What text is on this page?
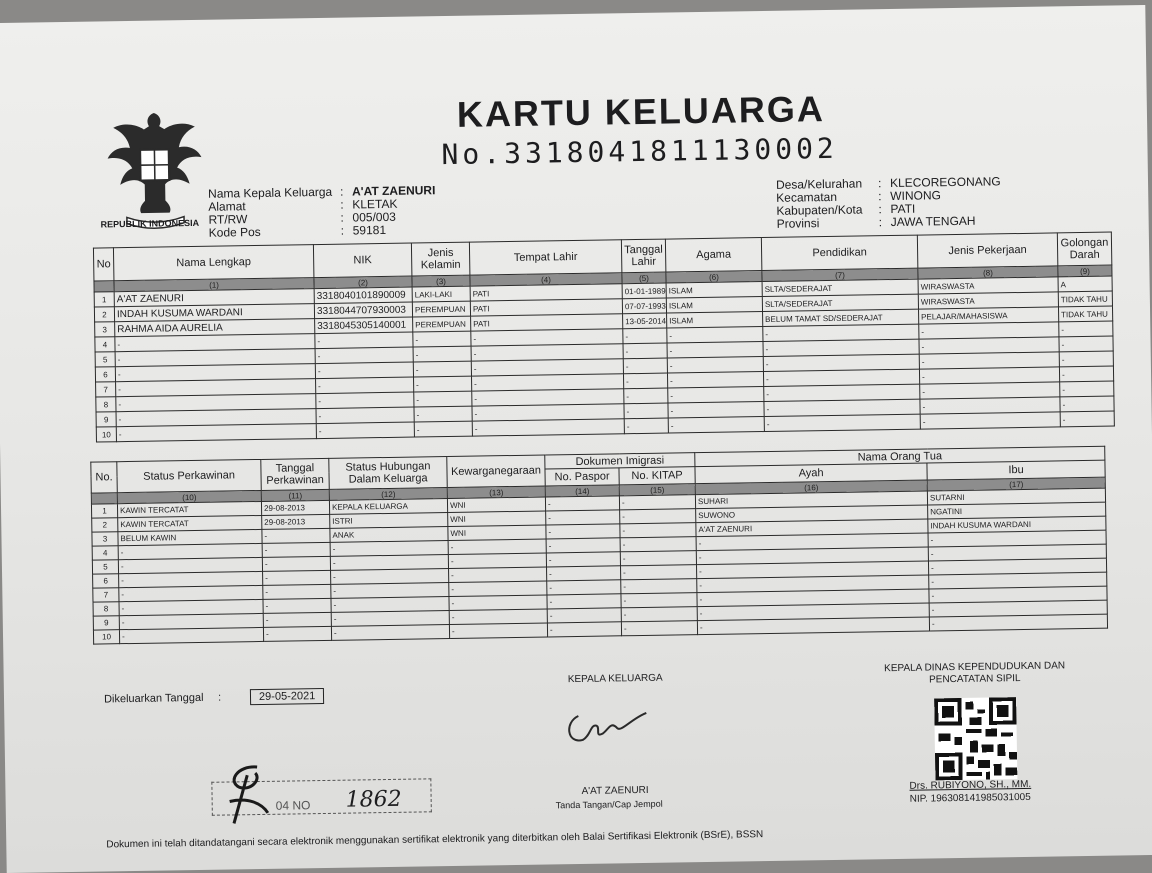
REPUBLIK INDONESIA
KARTU KELUARGA
No.3318041811130002
Nama Kepala Keluarga : A'AT ZAENURI
Alamat	: KLETAK
RT/RW	: 005/003
Kode Pos	: 59181
Desa/Kelurahan	: KLECOREGONANG
Kecamatan	: WINONG
Kabupaten/Kota	: PATI
Provinsi	: JAWA TENGAH
No	Nama Lengkap	NIK	Jenis Kelamin	Tempat Lahir	Tanggal Lahir	Agama	Pendidikan	Jenis Pekerjaan	Golongan Darah
	(1)	(2)	(3)	(4)	(5)	(6)	(7)	(8)	(9)
1	A'AT ZAENURI	3318040101890009	LAKI-LAKI	PATI	01-01-1989	ISLAM	SLTA/SEDERAJAT	WIRASWASTA	A
2	INDAH KUSUMA WARDANI	3318044707930003	PEREMPUAN	PATI	07-07-1993	ISLAM	SLTA/SEDERAJAT	WIRASWASTA	TIDAK TAHU
3	RAHMA AIDA AURELIA	3318045305140001	PEREMPUAN	PATI	13-05-2014	ISLAM	BELUM TAMAT SD/SEDERAJAT	PELAJAR/MAHASISWA	TIDAK TAHU
4	-	-	-	-	-	-	-	-	-
5	-	-	-	-	-	-	-	-	-
6	-	-	-	-	-	-	-	-	-
7	-	-	-	-	-	-	-	-	-
8	-	-	-	-	-	-	-	-	-
9	-	-	-	-	-	-	-	-	-
10	-	-	-	-	-	-	-	-	-
No.	Status Perkawinan	Tanggal Perkawinan	Status Hubungan Dalam Keluarga	Kewarganegaraan	Dokumen Imigrasi		Nama Orang Tua	
					No. Paspor	No. KITAP	Ayah	Ibu
	(10)	(11)	(12)	(13)	(14)	(15)	(16)	(17)
1	KAWIN TERCATAT	29-08-2013	KEPALA KELUARGA	WNI	-	-	SUHARI	SUTARNI
2	KAWIN TERCATAT	29-08-2013	ISTRI	WNI	-	-	SUWONO	NGATINI
3	BELUM KAWIN	-	ANAK	WNI	-	-	A'AT ZAENURI	INDAH KUSUMA WARDANI
4	-	-	-	-	-	-	-	-
5	-	-	-	-	-	-	-	-
6	-	-	-	-	-	-	-	-
7	-	-	-	-	-	-	-	-
8	-	-	-	-	-	-	-	-
9	-	-	-	-	-	-	-	-
10	-	-	-	-	-	-	-	-
Dikeluarkan Tanggal :	29-05-2021
KEPALA KELUARGA
A'AT ZAENURI
Tanda Tangan/Cap Jempol
KEPALA DINAS KEPENDUDUKAN DAN PENCATATAN SIPIL
Drs. RUBIYONO, SH., MM.
NIP. 196308141985031005
04 NO 1862
Dokumen ini telah ditandatangani secara elektronik menggunakan sertifikat elektronik yang diterbitkan oleh Balai Sertifikasi Elektronik (BSrE), BSSN
